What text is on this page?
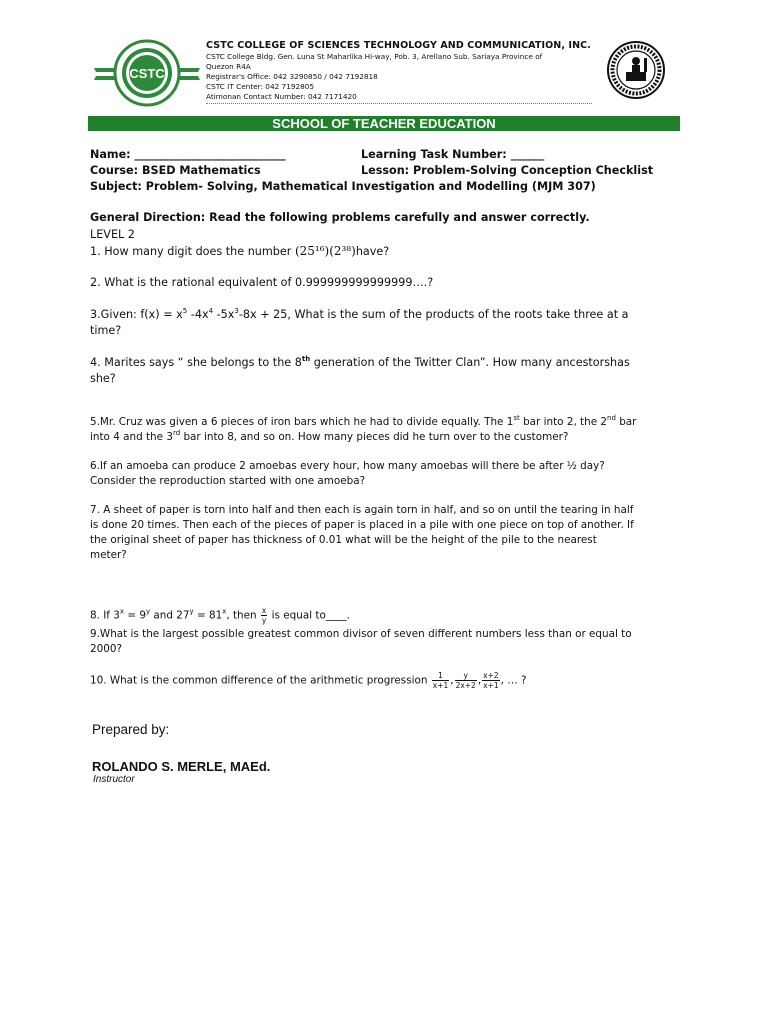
CSTC
CSTC COLLEGE OF SCIENCES TECHNOLOGY AND COMMUNICATION, INC.
CSTC College Bldg. Gen. Luna St Maharlika Hi-way, Pob. 3, Arellano Sub. Sariaya Province of
Quezon R4A
Registrar's Office: 042 3290850 / 042 7192818
CSTC IT Center: 042 7192805
Atimonan Contact Number: 042 7171420
SCHOOL OF TEACHER EDUCATION
Name: ___________________________	Learning Task Number: ______
Course: BSED Mathematics	Lesson: Problem-Solving Conception Checklist
Subject: Problem- Solving, Mathematical Investigation and Modelling (MJM 307)
General Direction: Read the following problems carefully and answer correctly.
LEVEL 2
1. How many digit does the number (25¹⁶)(2³⁸)have?
2. What is the rational equivalent of 0.999999999999999….?
3.Given: $f(x) = x^5$ $-4x^4$ $-5x^3-8x + 25$, What is the sum of the products of the roots take three at a
time?
4. Marites says “ she belongs to the 8th generation of the Twitter Clan”. How many ancestorshas
she?
5.Mr. Cruz was given a 6 pieces of iron bars which he had to divide equally. The 1st bar into 2, the 2nd bar
into 4 and the 3rd bar into 8, and so on. How many pieces did he turn over to the customer?
6.If an amoeba can produce 2 amoebas every hour, how many amoebas will there be after ½ day?
Consider the reproduction started with one amoeba?
7. A sheet of paper is torn into half and then each is again torn in half, and so on until the tearing in half
is done 20 times. Then each of the pieces of paper is placed in a pile with one piece on top of another. If
the original sheet of paper has thickness of 0.01 what will be the height of the pile to the nearest
meter?
8. If $3^x = 9^y$ and $27^y = 81^x$, then $\frac{x}{y}$ is equal to____.
9.What is the largest possible greatest common divisor of seven different numbers less than or equal to
2000?
10. What is the common difference of the arithmetic progression $\frac{1}{x+1}$ , $\frac{y}{2x+2}$ , $\frac{x+2}{x+1}$ , … ?
Prepared by:
ROLANDO S. MERLE, MAEd.
Instructor
